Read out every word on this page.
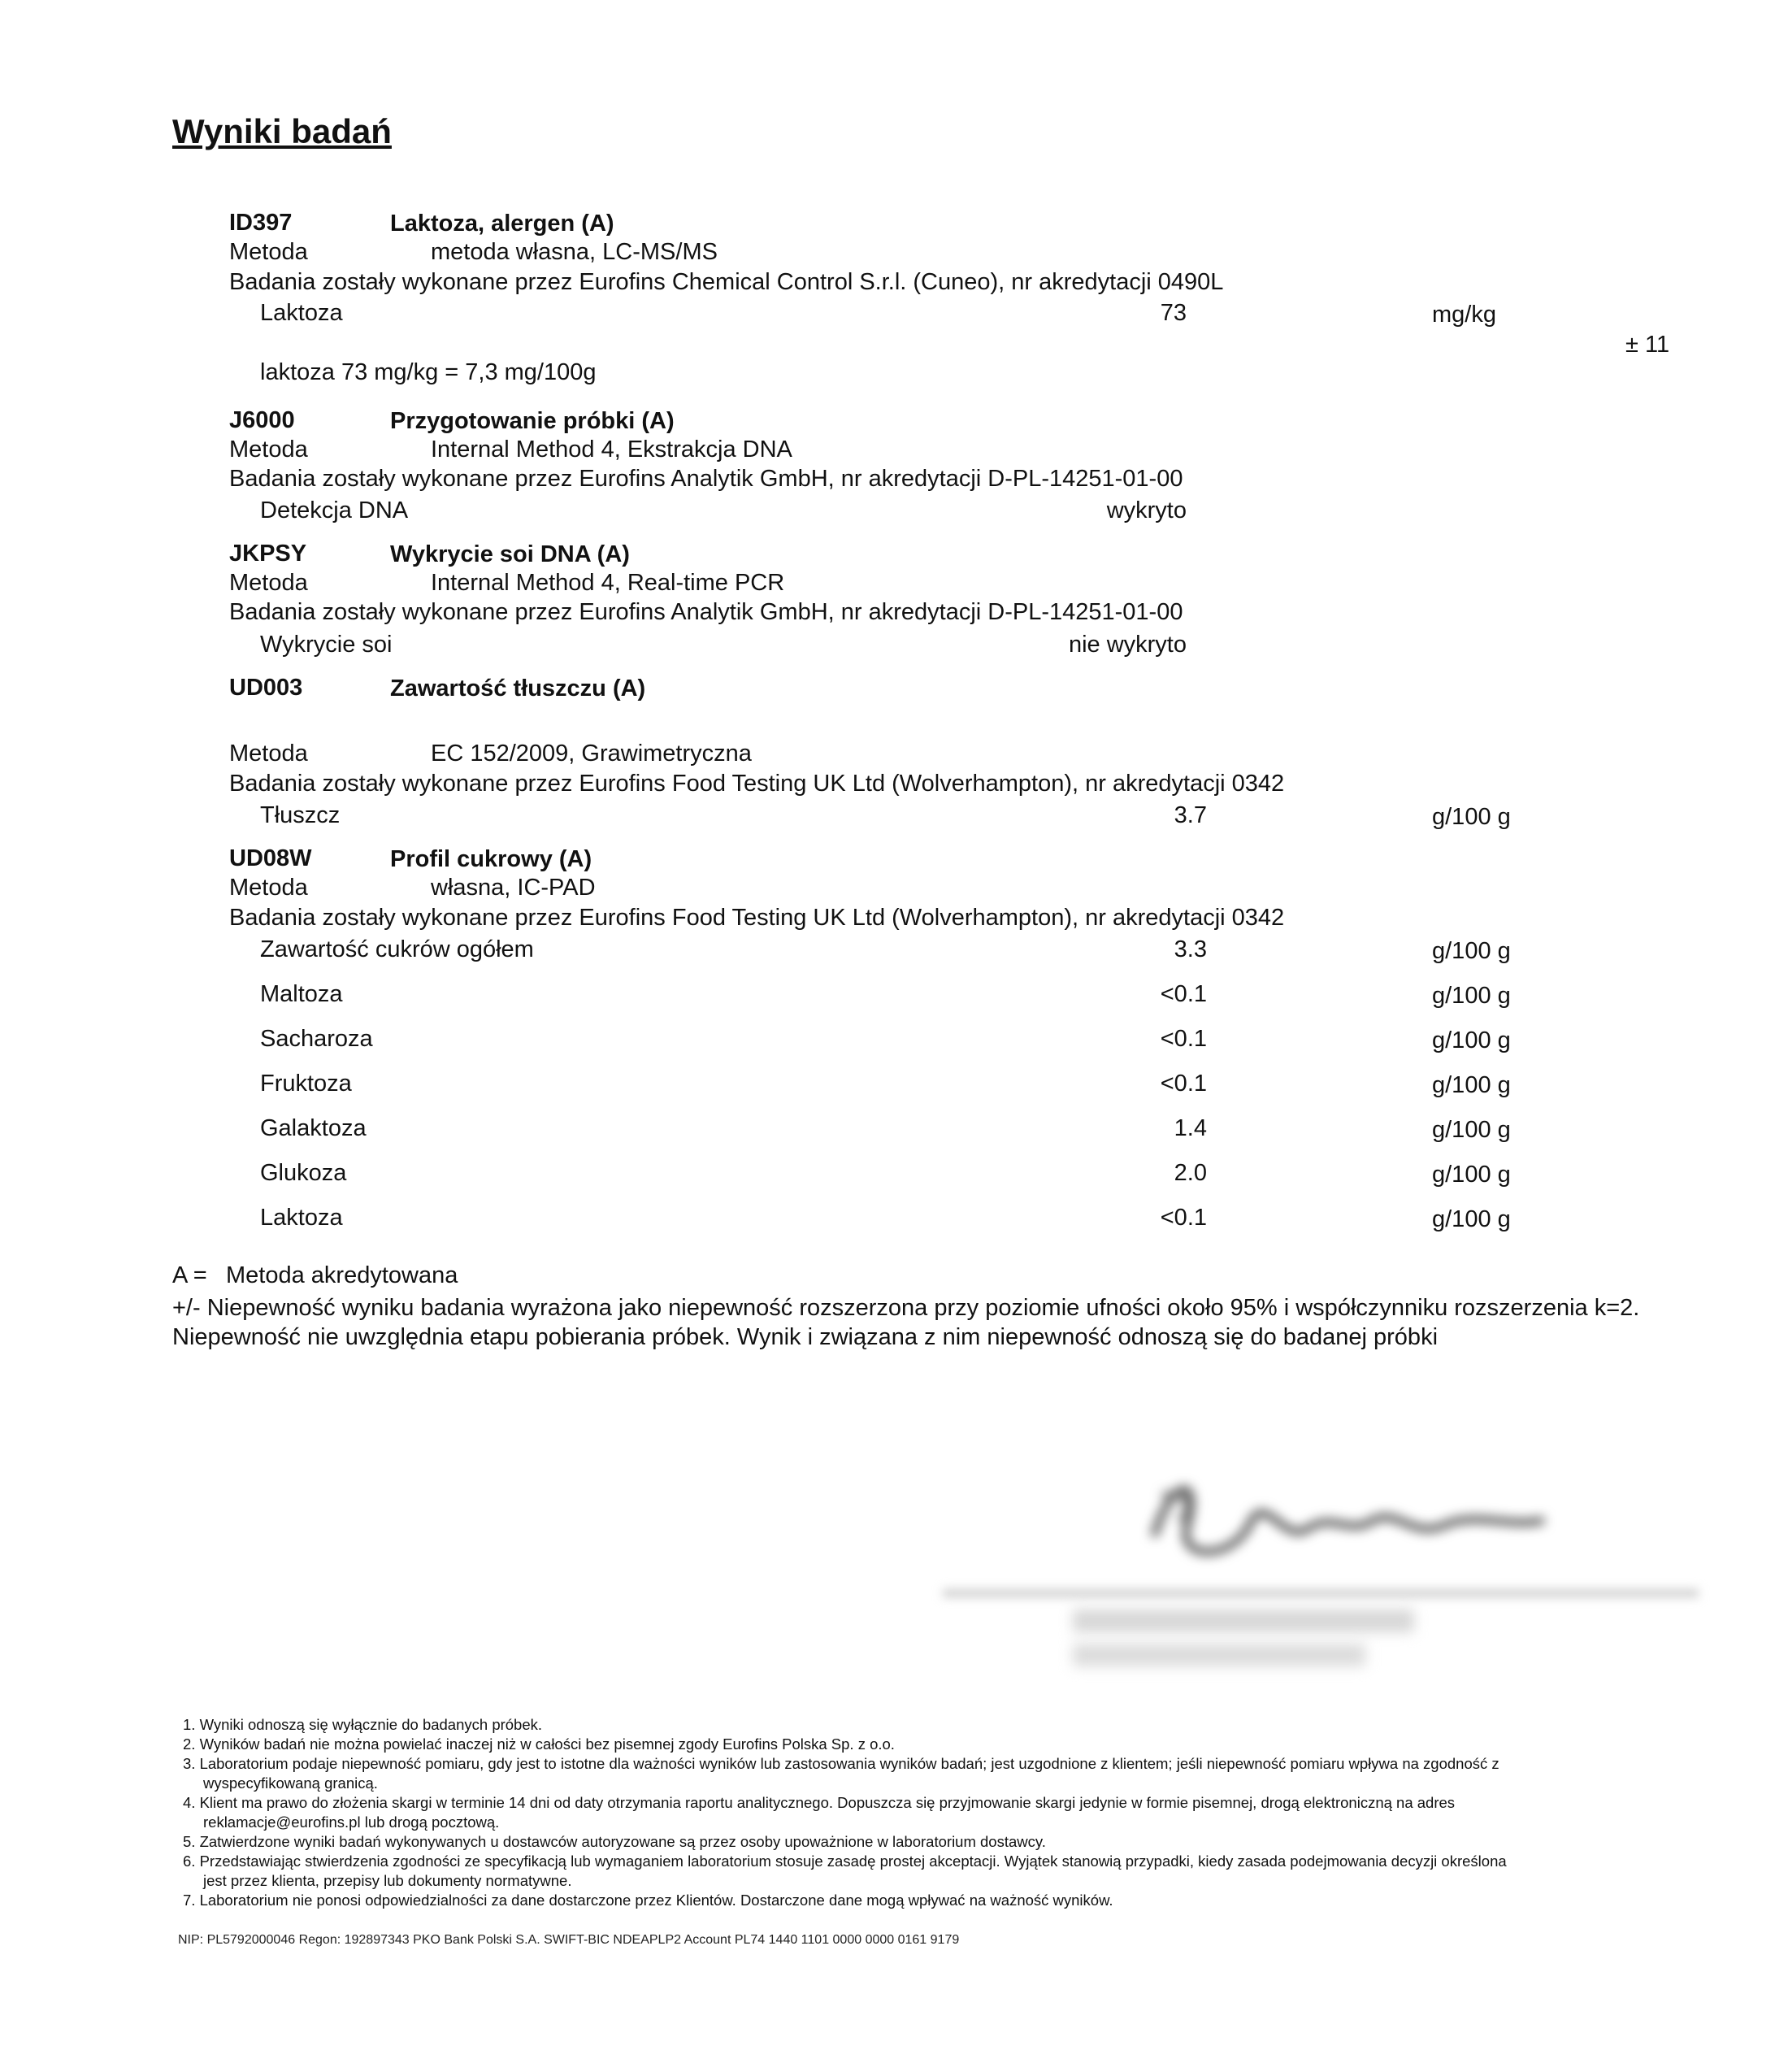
Wyniki badań
ID397	Laktoza, alergen (A)
Metoda	metoda własna, LC-MS/MS
Badania zostały wykonane przez Eurofins Chemical Control S.r.l. (Cuneo), nr akredytacji 0490L
Laktoza	73	mg/kg
± 11
laktoza 73 mg/kg = 7,3 mg/100g
J6000	Przygotowanie próbki (A)
Metoda	Internal Method 4, Ekstrakcja DNA
Badania zostały wykonane przez Eurofins Analytik GmbH, nr akredytacji D-PL-14251-01-00
Detekcja DNA	wykryto
JKPSY	Wykrycie soi DNA (A)
Metoda	Internal Method 4, Real-time PCR
Badania zostały wykonane przez Eurofins Analytik GmbH, nr akredytacji D-PL-14251-01-00
Wykrycie soi	nie wykryto
UD003	Zawartość tłuszczu (A)
Metoda	EC 152/2009, Grawimetryczna
Badania zostały wykonane przez Eurofins Food Testing UK Ltd (Wolverhampton), nr akredytacji 0342
Tłuszcz	3.7	g/100 g
UD08W	Profil cukrowy (A)
Metoda	własna, IC-PAD
Badania zostały wykonane przez Eurofins Food Testing UK Ltd (Wolverhampton), nr akredytacji 0342
Zawartość cukrów ogółem	3.3	g/100 g
Maltoza	<0.1	g/100 g
Sacharoza	<0.1	g/100 g
Fruktoza	<0.1	g/100 g
Galaktoza	1.4	g/100 g
Glukoza	2.0	g/100 g
Laktoza	<0.1	g/100 g
A = Metoda akredytowana
+/- Niepewność wyniku badania wyrażona jako niepewność rozszerzona przy poziomie ufności około 95% i współczynniku rozszerzenia k=2.
Niepewność nie uwzględnia etapu pobierania próbek. Wynik i związana z nim niepewność odnoszą się do badanej próbki
1. Wyniki odnoszą się wyłącznie do badanych próbek.
2. Wyników badań nie można powielać inaczej niż w całości bez pisemnej zgody Eurofins Polska Sp. z o.o.
3. Laboratorium podaje niepewność pomiaru, gdy jest to istotne dla ważności wyników lub zastosowania wyników badań; jest uzgodnione z klientem; jeśli niepewność pomiaru wpływa na zgodność z
wyspecyfikowaną granicą.
4. Klient ma prawo do złożenia skargi w terminie 14 dni od daty otrzymania raportu analitycznego. Dopuszcza się przyjmowanie skargi jedynie w formie pisemnej, drogą elektroniczną na adres
reklamacje@eurofins.pl lub drogą pocztową.
5. Zatwierdzone wyniki badań wykonywanych u dostawców autoryzowane są przez osoby upoważnione w laboratorium dostawcy.
6. Przedstawiając stwierdzenia zgodności ze specyfikacją lub wymaganiem laboratorium stosuje zasadę prostej akceptacji. Wyjątek stanowią przypadki, kiedy zasada podejmowania decyzji określona
jest przez klienta, przepisy lub dokumenty normatywne.
7. Laboratorium nie ponosi odpowiedzialności za dane dostarczone przez Klientów. Dostarczone dane mogą wpływać na ważność wyników.
NIP: PL5792000046 Regon: 192897343 PKO Bank Polski S.A. SWIFT-BIC NDEAPLP2 Account PL74 1440 1101 0000 0000 0161 9179
